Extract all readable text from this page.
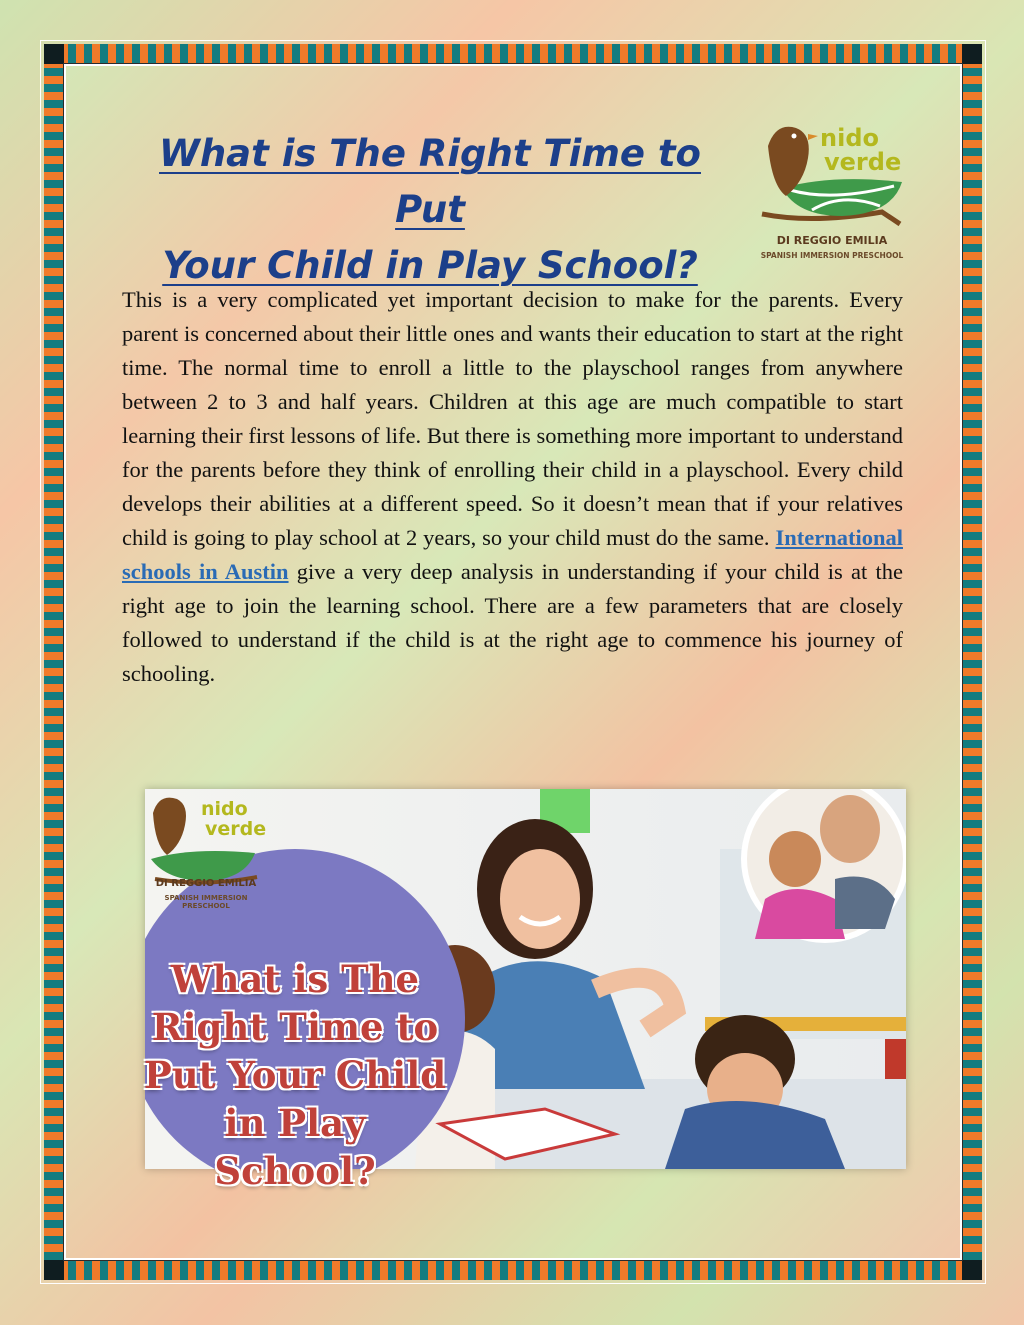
What is The Right Time to Put
Your Child in Play School?
nido
verde
DI REGGIO EMILIA
SPANISH IMMERSION PRESCHOOL

This is a very complicated yet important decision to make for the parents. Every parent is concerned about their little ones and wants their education to start at the right time. The normal time to enroll a little to the playschool ranges from anywhere between 2 to 3 and half years. Children at this age are much compatible to start learning their first lessons of life. But there is something more important to understand for the parents before they think of enrolling their child in a playschool. Every child develops their abilities at a different speed. So it doesn’t mean that if your relatives child is going to play school at 2 years, so your child must do the same. International schools in Austin give a very deep analysis in understanding if your child is at the right age to join the learning school. There are a few parameters that are closely followed to understand if the child is at the right age to commence his journey of schooling.

nido
verde
DI REGGIO EMILIA
SPANISH IMMERSION PRESCHOOL
What is The
Right Time to
Put Your Child
in Play School?
